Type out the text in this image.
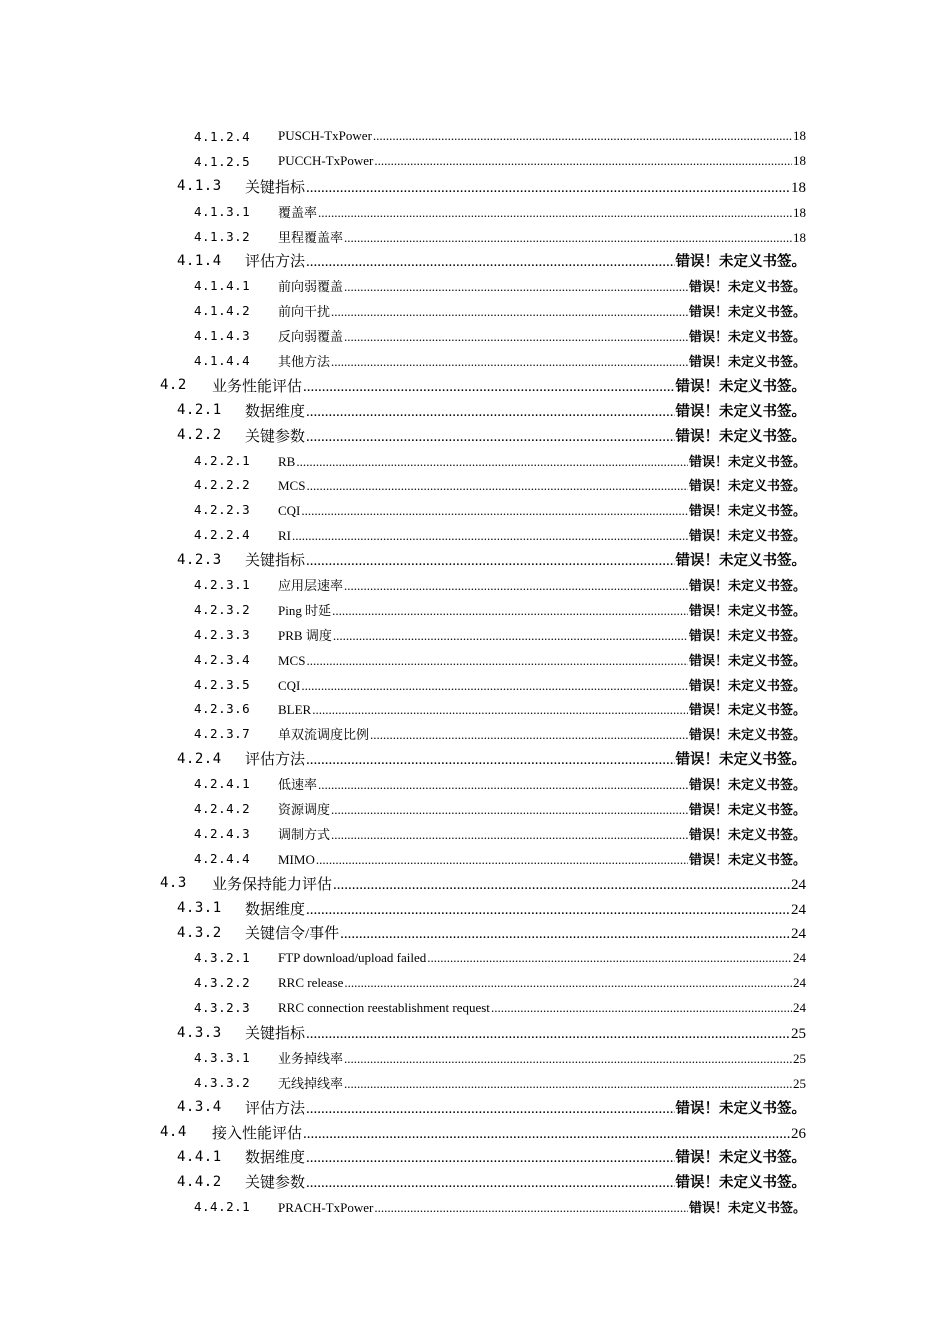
4.1.2.4 PUSCH-TxPower .....	18
4.1.2.5 PUCCH-TxPower .....	18
4.1.3 关键指标 .....	18
4.1.3.1 覆盖率 .....	18
4.1.3.2 里程覆盖率 .....	18
4.1.4 评估方法 .....	错误！未定义书签。
4.1.4.1 前向弱覆盖 .....	错误！未定义书签。
4.1.4.2 前向干扰 .....	错误！未定义书签。
4.1.4.3 反向弱覆盖 .....	错误！未定义书签。
4.1.4.4 其他方法 .....	错误！未定义书签。
4.2 业务性能评估 .....	错误！未定义书签。
4.2.1 数据维度 .....	错误！未定义书签。
4.2.2 关键参数 .....	错误！未定义书签。
4.2.2.1 RB .....	错误！未定义书签。
4.2.2.2 MCS .....	错误！未定义书签。
4.2.2.3 CQI .....	错误！未定义书签。
4.2.2.4 RI .....	错误！未定义书签。
4.2.3 关键指标 .....	错误！未定义书签。
4.2.3.1 应用层速率 .....	错误！未定义书签。
4.2.3.2 Ping 时延 .....	错误！未定义书签。
4.2.3.3 PRB 调度 .....	错误！未定义书签。
4.2.3.4 MCS .....	错误！未定义书签。
4.2.3.5 CQI .....	错误！未定义书签。
4.2.3.6 BLER .....	错误！未定义书签。
4.2.3.7 单双流调度比例 .....	错误！未定义书签。
4.2.4 评估方法 .....	错误！未定义书签。
4.2.4.1 低速率 .....	错误！未定义书签。
4.2.4.2 资源调度 .....	错误！未定义书签。
4.2.4.3 调制方式 .....	错误！未定义书签。
4.2.4.4 MIMO .....	错误！未定义书签。
4.3 业务保持能力评估 .....	24
4.3.1 数据维度 .....	24
4.3.2 关键信令/事件 .....	24
4.3.2.1 FTP download/upload failed .....	24
4.3.2.2 RRC release .....	24
4.3.2.3 RRC connection reestablishment request .....	24
4.3.3 关键指标 .....	25
4.3.3.1 业务掉线率 .....	25
4.3.3.2 无线掉线率 .....	25
4.3.4 评估方法 .....	错误！未定义书签。
4.4 接入性能评估 .....	26
4.4.1 数据维度 .....	错误！未定义书签。
4.4.2 关键参数 .....	错误！未定义书签。
4.4.2.1 PRACH-TxPower .....	错误！未定义书签。
